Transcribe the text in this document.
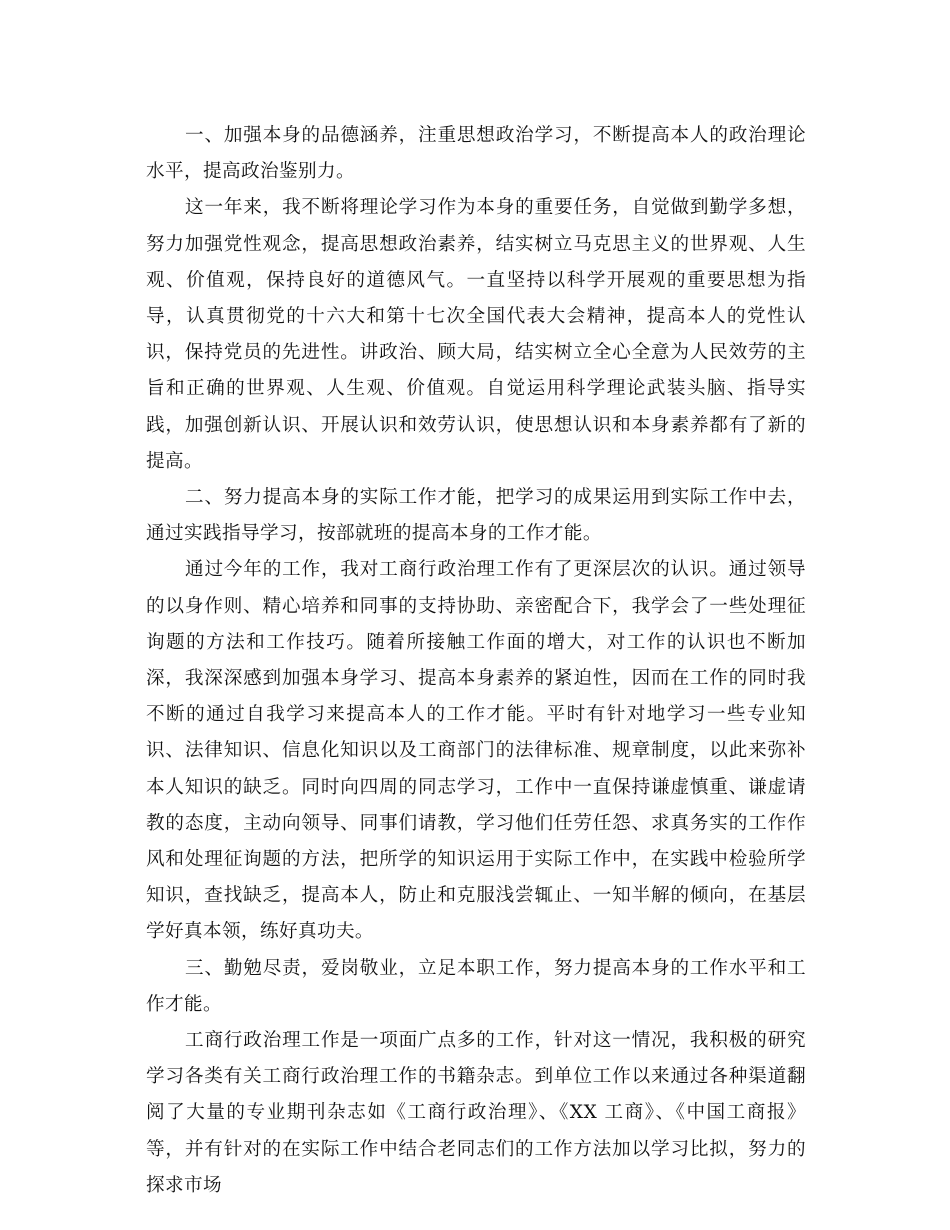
一、加强本身的品德涵养，注重思想政治学习，不断提高本人的政治理论水平，提高政治鉴别力。

这一年来，我不断将理论学习作为本身的重要任务，自觉做到勤学多想，努力加强党性观念，提高思想政治素养，结实树立马克思主义的世界观、人生观、价值观，保持良好的道德风气。一直坚持以科学开展观的重要思想为指导，认真贯彻党的十六大和第十七次全国代表大会精神，提高本人的党性认识，保持党员的先进性。讲政治、顾大局，结实树立全心全意为人民效劳的主旨和正确的世界观、人生观、价值观。自觉运用科学理论武装头脑、指导实践，加强创新认识、开展认识和效劳认识，使思想认识和本身素养都有了新的提高。

二、努力提高本身的实际工作才能，把学习的成果运用到实际工作中去，通过实践指导学习，按部就班的提高本身的工作才能。

通过今年的工作，我对工商行政治理工作有了更深层次的认识。通过领导的以身作则、精心培养和同事的支持协助、亲密配合下，我学会了一些处理征询题的方法和工作技巧。随着所接触工作面的增大，对工作的认识也不断加深，我深深感到加强本身学习、提高本身素养的紧迫性，因而在工作的同时我不断的通过自我学习来提高本人的工作才能。平时有针对地学习一些专业知识、法律知识、信息化知识以及工商部门的法律标准、规章制度，以此来弥补本人知识的缺乏。同时向四周的同志学习，工作中一直保持谦虚慎重、谦虚请教的态度，主动向领导、同事们请教，学习他们任劳任怨、求真务实的工作作风和处理征询题的方法，把所学的知识运用于实际工作中，在实践中检验所学知识，查找缺乏，提高本人，防止和克服浅尝辄止、一知半解的倾向，在基层学好真本领，练好真功夫。

三、勤勉尽责，爱岗敬业，立足本职工作，努力提高本身的工作水平和工作才能。

工商行政治理工作是一项面广点多的工作，针对这一情况，我积极的研究学习各类有关工商行政治理工作的书籍杂志。到单位工作以来通过各种渠道翻阅了大量的专业期刊杂志如《工商行政治理》、《XX 工商》、《中国工商报》等，并有针对的在实际工作中结合老同志们的工作方法加以学习比拟，努力的探求市场
